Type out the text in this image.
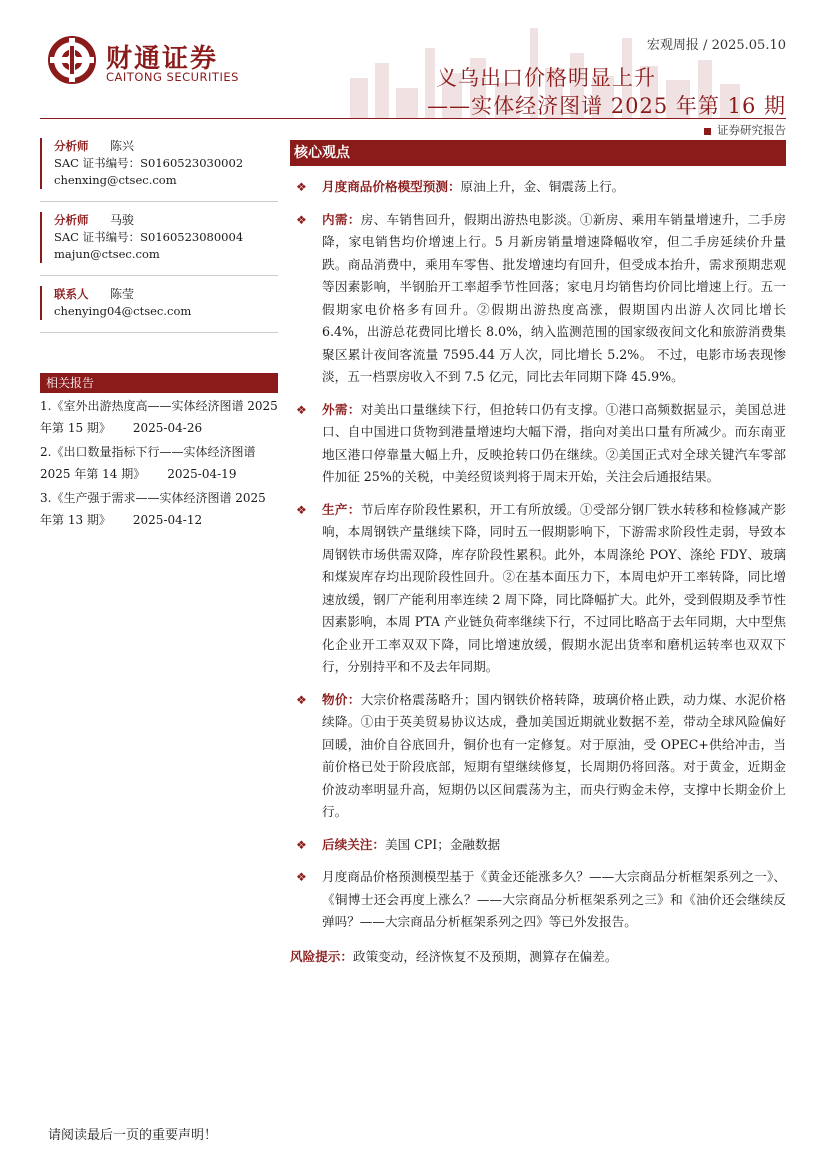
财通证券
CAITONG SECURITIES
宏观周报 / 2025.05.10
义乌出口价格明显上升
——实体经济图谱 2025 年第 16 期
证券研究报告
分析师 陈兴
SAC 证书编号：S0160523030002
chenxing@ctsec.com
分析师 马骏
SAC 证书编号：S0160523080004
majun@ctsec.com
联系人 陈莹
chenying04@ctsec.com
相关报告
1.《室外出游热度高——实体经济图谱 2025 年第 15 期》 2025-04-26
2.《出口数量指标下行——实体经济图谱 2025 年第 14 期》 2025-04-19
3.《生产强于需求——实体经济图谱 2025 年第 13 期》 2025-04-12
核心观点
❖ 月度商品价格模型预测：原油上升，金、铜震荡上行。
❖ 内需：房、车销售回升，假期出游热电影淡。①新房、乘用车销量增速升，二手房降，家电销售均价增速上行。5 月新房销量增速降幅收窄，但二手房延续价升量跌。商品消费中，乘用车零售、批发增速均有回升，但受成本抬升，需求预期悲观等因素影响，半钢胎开工率超季节性回落；家电月均销售均价同比增速上行。五一假期家电价格多有回升。②假期出游热度高涨，假期国内出游人次同比增长 6.4%，出游总花费同比增长 8.0%，纳入监测范围的国家级夜间文化和旅游消费集聚区累计夜间客流量 7595.44 万人次，同比增长 5.2%。 不过，电影市场表现惨淡，五一档票房收入不到 7.5 亿元，同比去年同期下降 45.9%。
❖ 外需：对美出口量继续下行，但抢转口仍有支撑。①港口高频数据显示，美国总进口、自中国进口货物到港量增速均大幅下滑，指向对美出口量有所减少。而东南亚地区港口停靠量大幅上升，反映抢转口仍在继续。②美国正式对全球关键汽车零部件加征 25%的关税，中美经贸谈判将于周末开始，关注会后通报结果。
❖ 生产：节后库存阶段性累积，开工有所放缓。①受部分钢厂铁水转移和检修减产影响，本周钢铁产量继续下降，同时五一假期影响下，下游需求阶段性走弱，导致本周钢铁市场供需双降，库存阶段性累积。此外，本周涤纶 POY、涤纶 FDY、玻璃和煤炭库存均出现阶段性回升。②在基本面压力下，本周电炉开工率转降，同比增速放缓，钢厂产能利用率连续 2 周下降，同比降幅扩大。此外，受到假期及季节性因素影响，本周 PTA 产业链负荷率继续下行，不过同比略高于去年同期，大中型焦化企业开工率双双下降，同比增速放缓，假期水泥出货率和磨机运转率也双双下行，分别持平和不及去年同期。
❖ 物价：大宗价格震荡略升；国内钢铁价格转降，玻璃价格止跌，动力煤、水泥价格续降。①由于英美贸易协议达成，叠加美国近期就业数据不差，带动全球风险偏好回暖，油价自谷底回升，铜价也有一定修复。对于原油，受 OPEC+供给冲击，当前价格已处于阶段底部，短期有望继续修复，长周期仍将回落。对于黄金，近期金价波动率明显升高，短期仍以区间震荡为主，而央行购金未停，支撑中长期金价上行。
❖ 后续关注：美国 CPI；金融数据
❖ 月度商品价格预测模型基于《黄金还能涨多久？——大宗商品分析框架系列之一》、《铜博士还会再度上涨么？——大宗商品分析框架系列之三》和《油价还会继续反弹吗？——大宗商品分析框架系列之四》等已外发报告。
风险提示：政策变动，经济恢复不及预期，测算存在偏差。
请阅读最后一页的重要声明！
